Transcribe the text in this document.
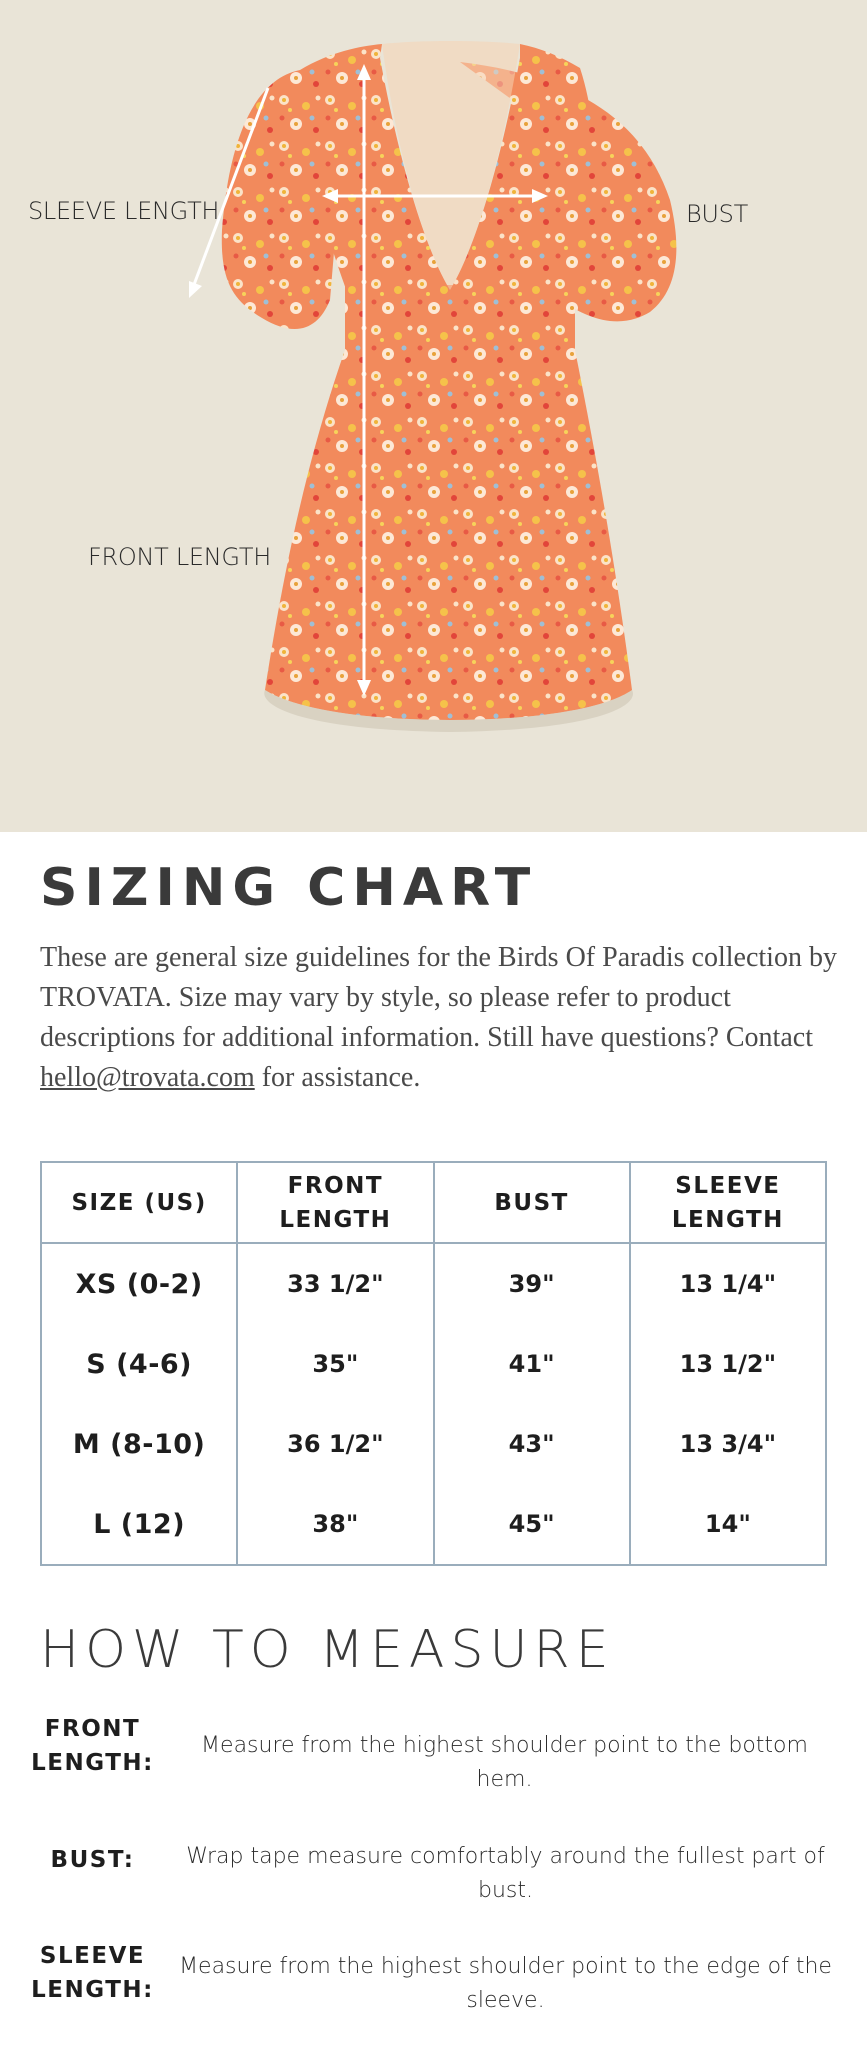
SLEEVE LENGTH	BUST
FRONT LENGTH
SIZING CHART

These are general size guidelines for the Birds Of Paradis collection by TROVATA. Size may vary by style, so please refer to product descriptions for additional information. Still have questions? Contact hello@trovata.com for assistance.

SIZE (US)	FRONT LENGTH	BUST	SLEEVE LENGTH
XS (0-2)	33 1/2"	39"	13 1/4"
S (4-6)	35"	41"	13 1/2"
M (8-10)	36 1/2"	43"	13 3/4"
L (12)	38"	45"	14"
HOW TO MEASURE
FRONT LENGTH:
Measure from the highest shoulder point to the bottom hem.
BUST:	Wrap tape measure comfortably around the fullest part of bust.
SLEEVE LENGTH:
Measure from the highest shoulder point to the edge of the sleeve.
